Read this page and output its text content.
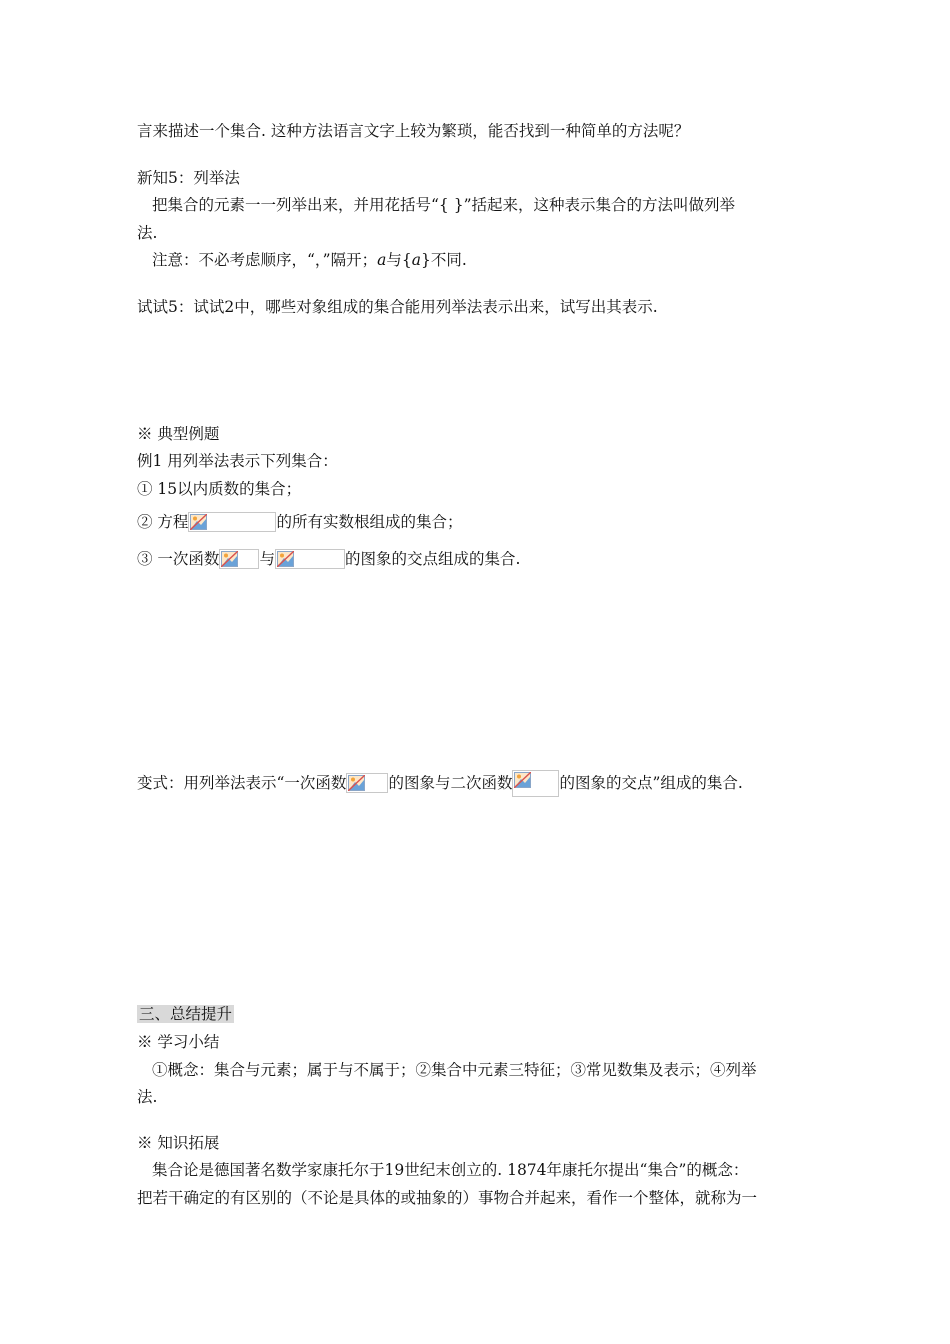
言来描述一个集合. 这种方法语言文字上较为繁琐，能否找到一种简单的方法呢？
新知5：列举法
把集合的元素一一列举出来，并用花括号“{ }”括起来，这种表示集合的方法叫做列举
法.
注意：不必考虑顺序，“，”隔开；a与{a}不同.
试试5：试试2中，哪些对象组成的集合能用列举法表示出来，试写出其表示.
※ 典型例题
例1 用列举法表示下列集合：
① 15以内质数的集合；
② 方程	的所有实数根组成的集合；
③ 一次函数	与	的图象的交点组成的集合.
变式：用列举法表示“一次函数	的图象与二次函数	的图象的交点”组成的集合.
三、总结提升
※ 学习小结
①概念：集合与元素；属于与不属于；②集合中元素三特征；③常见数集及表示；④列举
法.
※ 知识拓展
集合论是德国著名数学家康托尔于19世纪末创立的. 1874年康托尔提出“集合”的概念：
把若干确定的有区别的（不论是具体的或抽象的）事物合并起来，看作一个整体，就称为一
